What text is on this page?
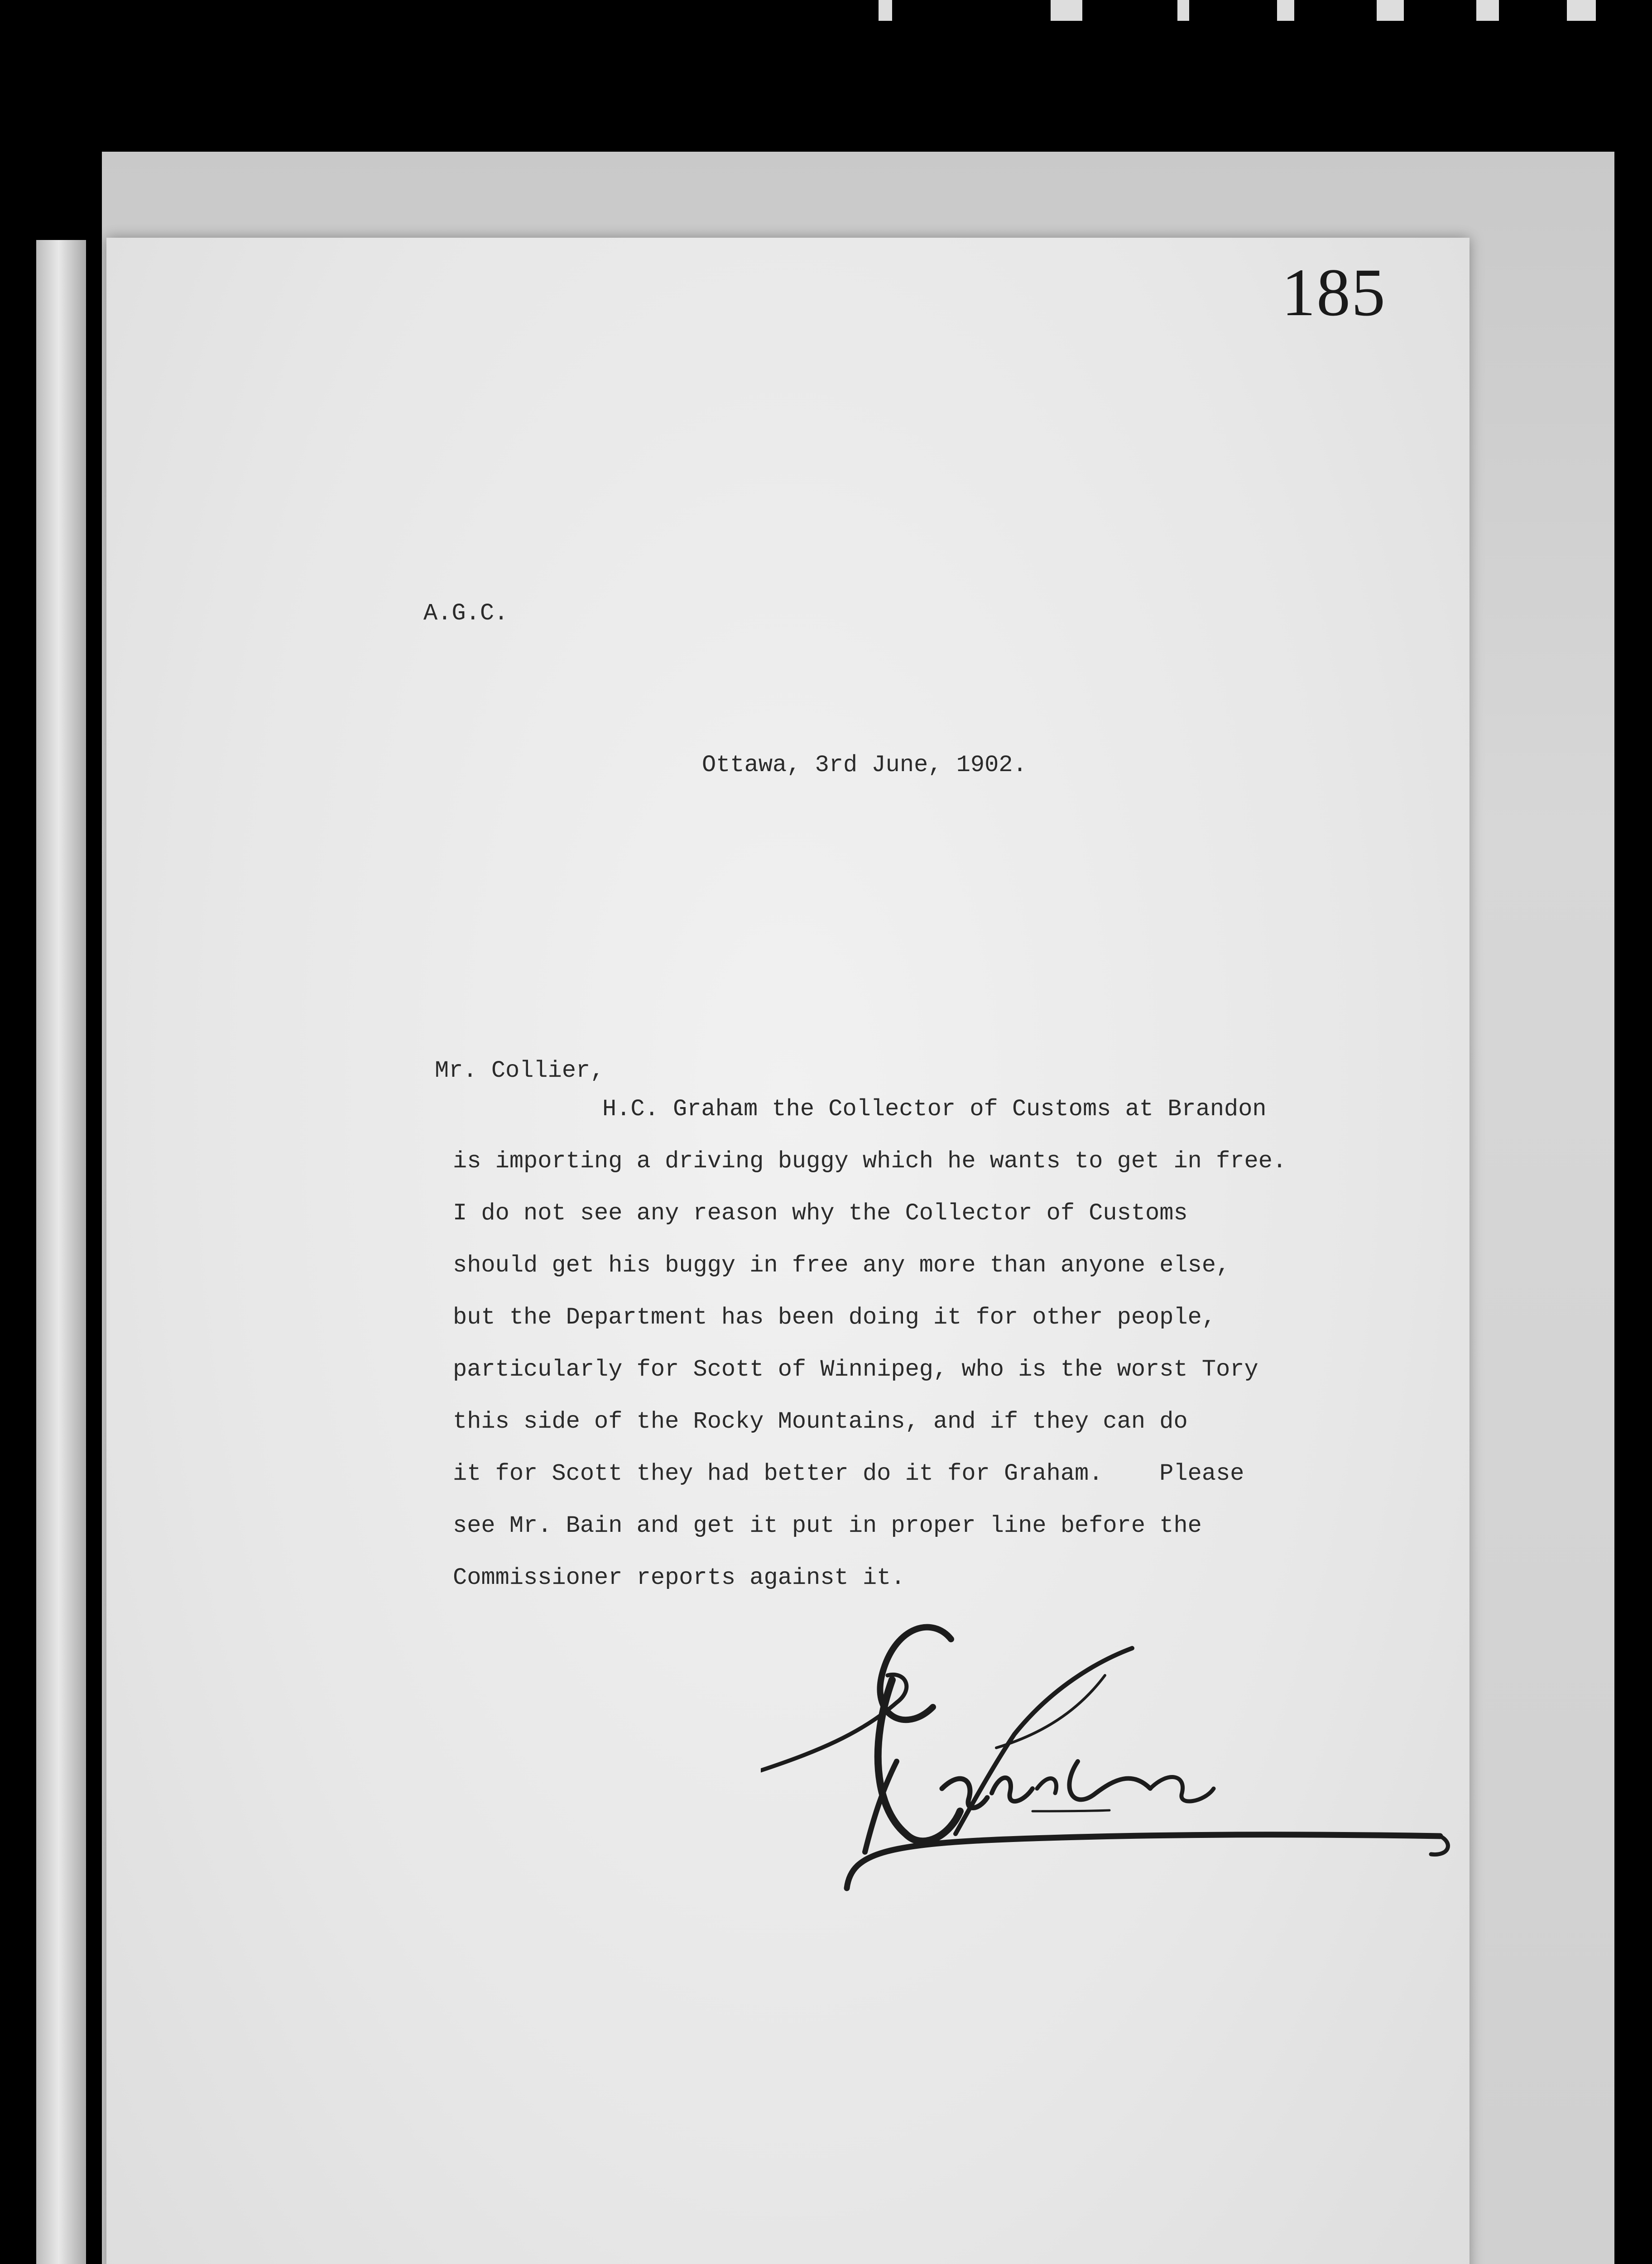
185
A.G.C.
Ottawa, 3rd June, 1902.
Mr. Collier,
H.C. Graham the Collector of Customs at Brandon
is importing a driving buggy which he wants to get in free.
I do not see any reason why the Collector of Customs
should get his buggy in free any more than anyone else,
but the Department has been doing it for other people,
particularly for Scott of Winnipeg, who is the worst Tory
this side of the Rocky Mountains, and if they can do
it for Scott they had better do it for Graham.    Please
see Mr. Bain and get it put in proper line before the
Commissioner reports against it.
